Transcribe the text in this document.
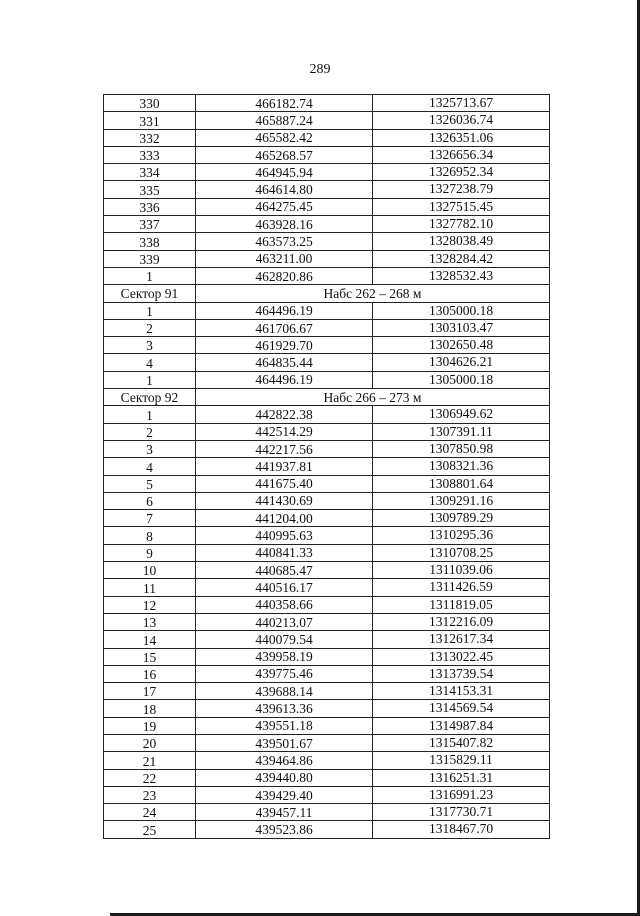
289
330	466182.74	1325713.67
331	465887.24	1326036.74
332	465582.42	1326351.06
333	465268.57	1326656.34
334	464945.94	1326952.34
335	464614.80	1327238.79
336	464275.45	1327515.45
337	463928.16	1327782.10
338	463573.25	1328038.49
339	463211.00	1328284.42
1	462820.86	1328532.43
Сектор 91	Набс 262 – 268 м	
1	464496.19	1305000.18
2	461706.67	1303103.47
3	461929.70	1302650.48
4	464835.44	1304626.21
1	464496.19	1305000.18
Сектор 92	Набс 266 – 273 м	
1	442822.38	1306949.62
2	442514.29	1307391.11
3	442217.56	1307850.98
4	441937.81	1308321.36
5	441675.40	1308801.64
6	441430.69	1309291.16
7	441204.00	1309789.29
8	440995.63	1310295.36
9	440841.33	1310708.25
10	440685.47	1311039.06
11	440516.17	1311426.59
12	440358.66	1311819.05
13	440213.07	1312216.09
14	440079.54	1312617.34
15	439958.19	1313022.45
16	439775.46	1313739.54
17	439688.14	1314153.31
18	439613.36	1314569.54
19	439551.18	1314987.84
20	439501.67	1315407.82
21	439464.86	1315829.11
22	439440.80	1316251.31
23	439429.40	1316991.23
24	439457.11	1317730.71
25	439523.86	1318467.70
